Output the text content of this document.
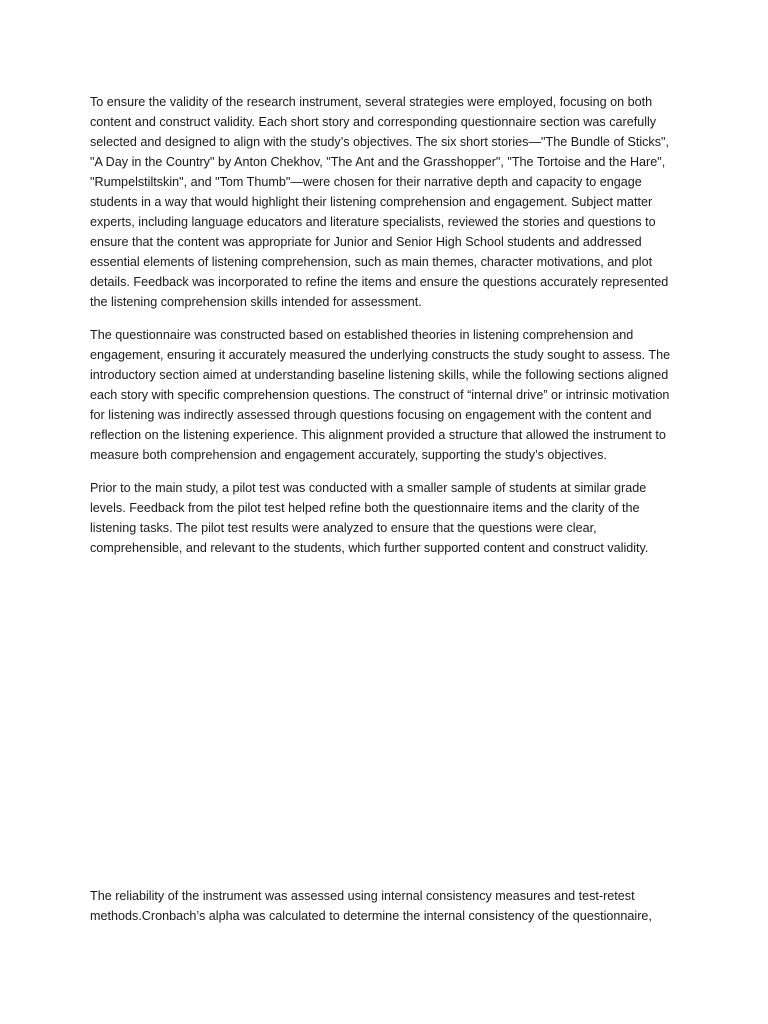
To ensure the validity of the research instrument, several strategies were employed, focusing on both content and construct validity. Each short story and corresponding questionnaire section was carefully selected and designed to align with the study’s objectives. The six short stories—"The Bundle of Sticks", "A Day in the Country" by Anton Chekhov, "The Ant and the Grasshopper", "The Tortoise and the Hare", "Rumpelstiltskin", and "Tom Thumb"—were chosen for their narrative depth and capacity to engage students in a way that would highlight their listening comprehension and engagement. Subject matter experts, including language educators and literature specialists, reviewed the stories and questions to ensure that the content was appropriate for Junior and Senior High School students and addressed essential elements of listening comprehension, such as main themes, character motivations, and plot details. Feedback was incorporated to refine the items and ensure the questions accurately represented the listening comprehension skills intended for assessment.

The questionnaire was constructed based on established theories in listening comprehension and engagement, ensuring it accurately measured the underlying constructs the study sought to assess. The introductory section aimed at understanding baseline listening skills, while the following sections aligned each story with specific comprehension questions. The construct of “internal drive” or intrinsic motivation for listening was indirectly assessed through questions focusing on engagement with the content and reflection on the listening experience. This alignment provided a structure that allowed the instrument to measure both comprehension and engagement accurately, supporting the study’s objectives.

Prior to the main study, a pilot test was conducted with a smaller sample of students at similar grade levels. Feedback from the pilot test helped refine both the questionnaire items and the clarity of the listening tasks. The pilot test results were analyzed to ensure that the questions were clear, comprehensible, and relevant to the students, which further supported content and construct validity.

The reliability of the instrument was assessed using internal consistency measures and test-retest methods.Cronbach’s alpha was calculated to determine the internal consistency of the questionnaire,
